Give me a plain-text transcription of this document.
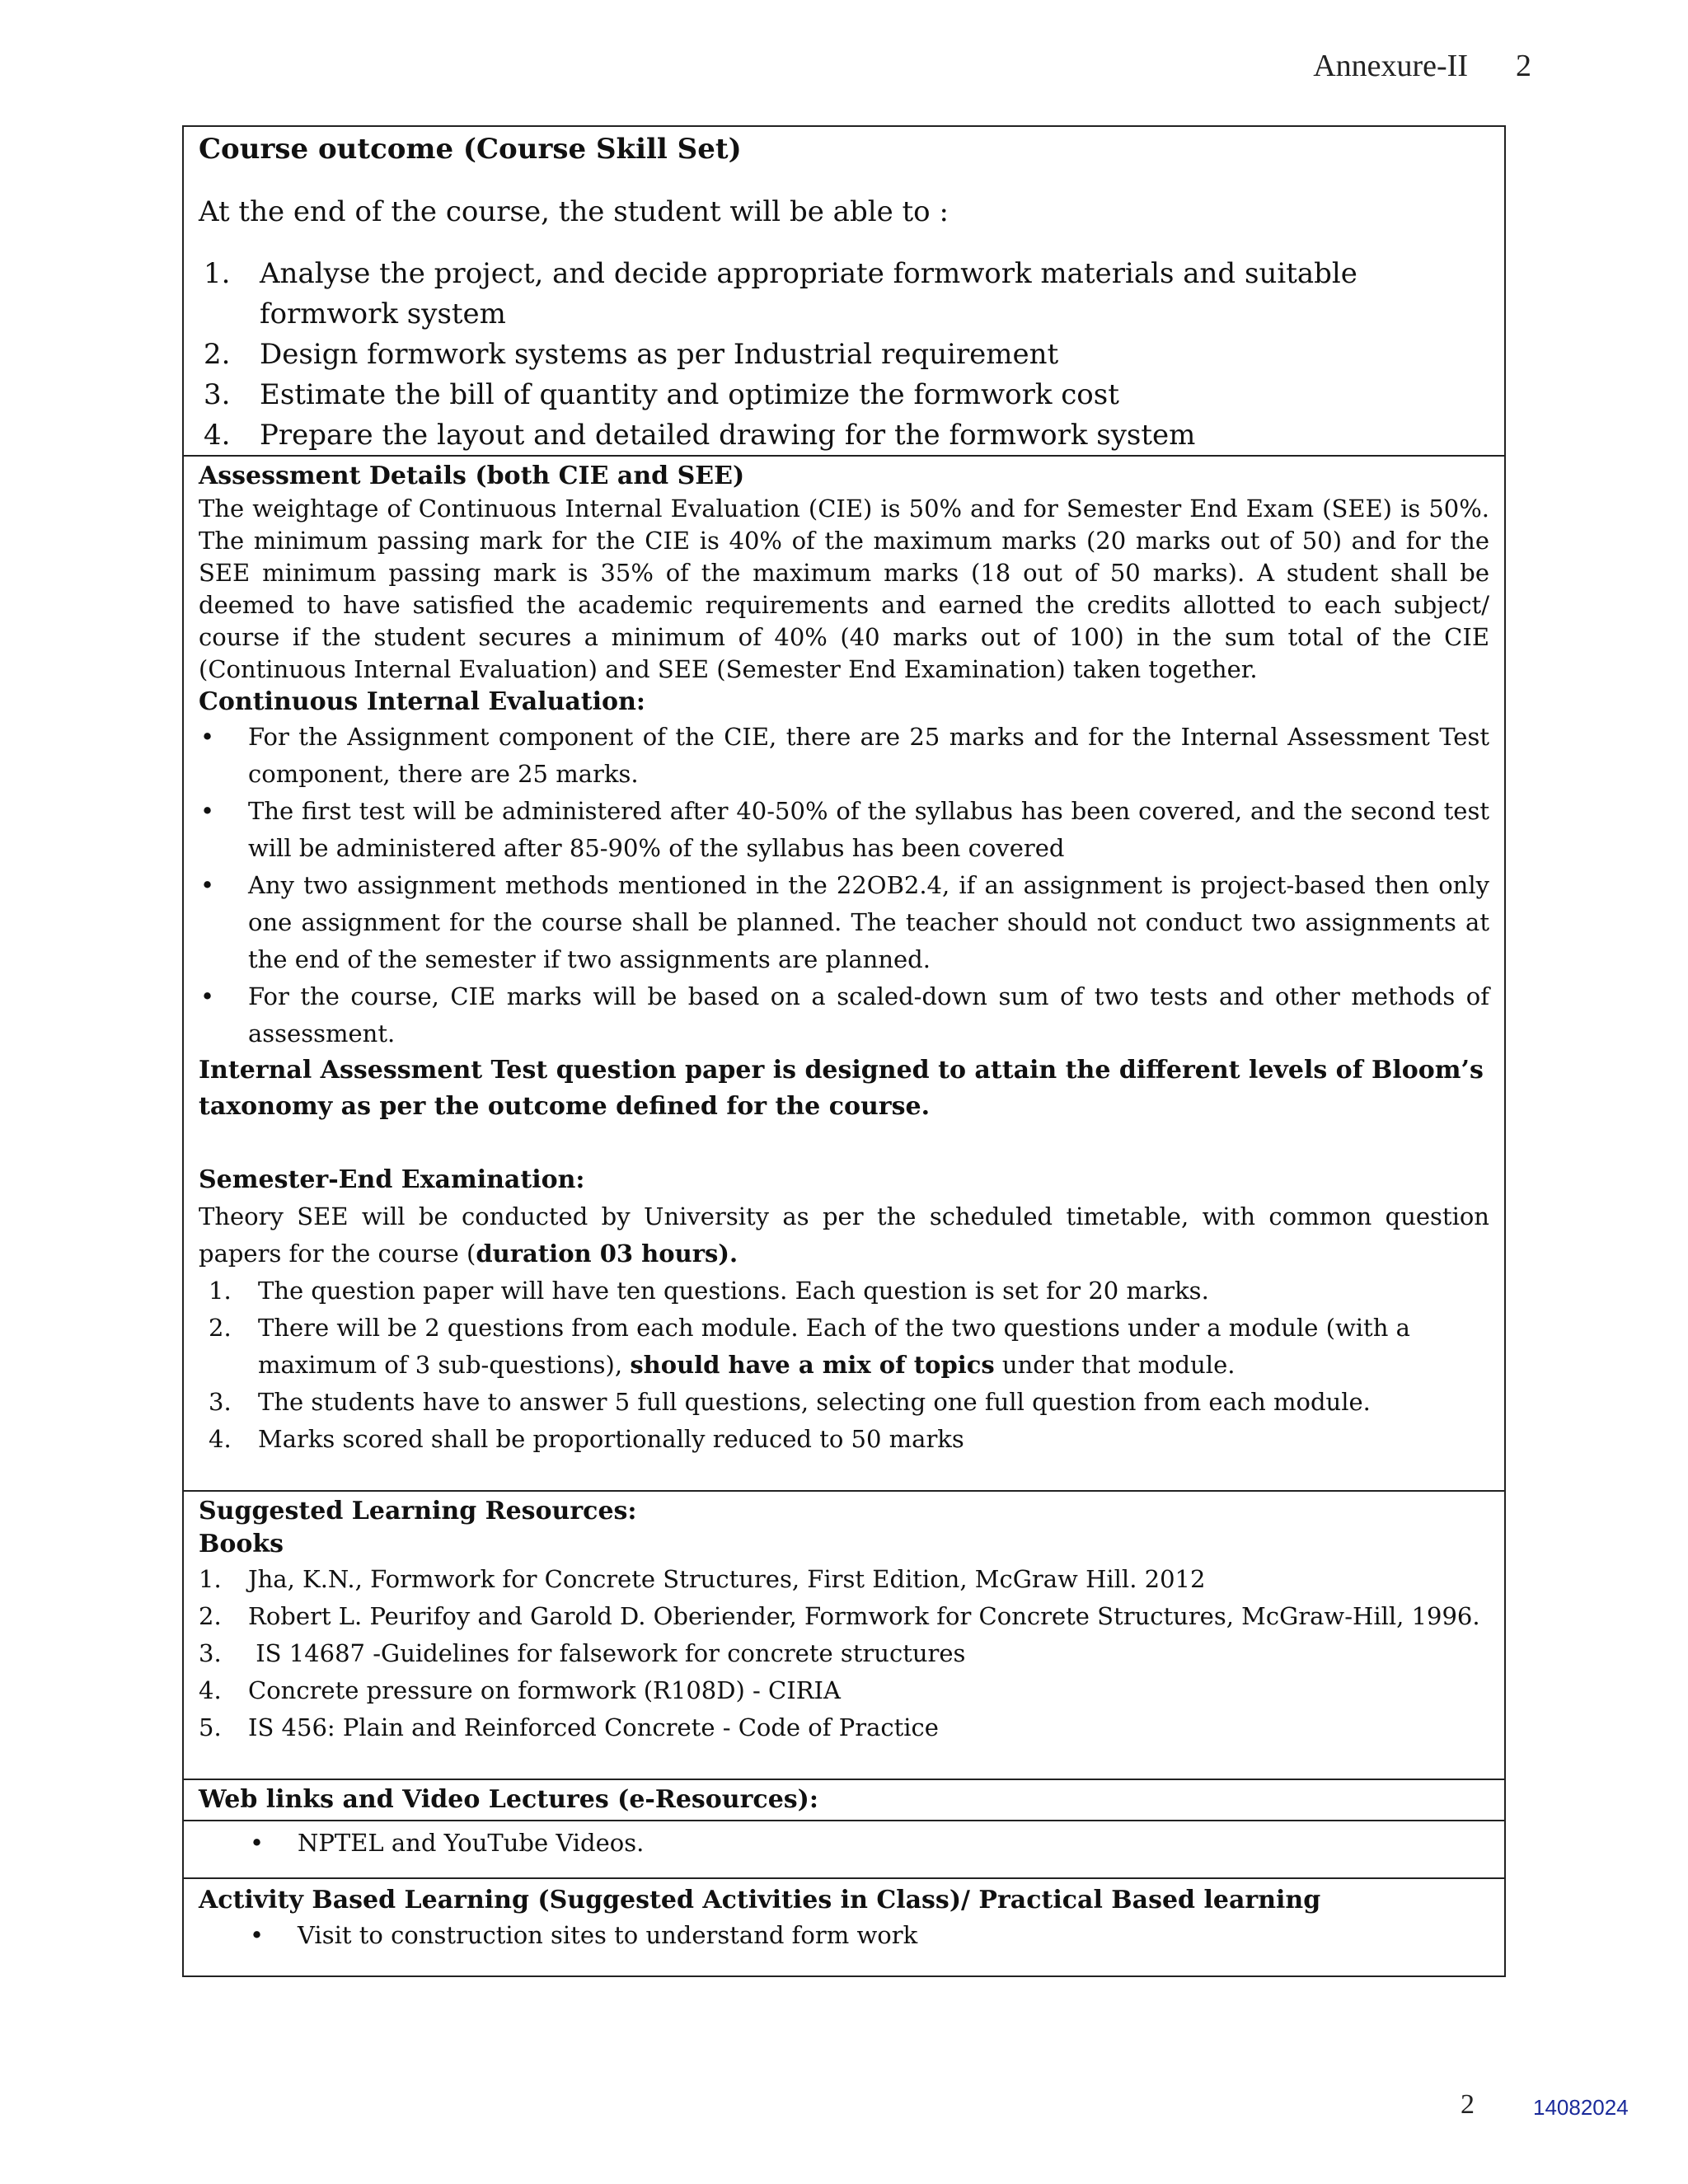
Annexure-II 2

Course outcome (Course Skill Set)

At the end of the course, the student will be able to :

1.	Analyse the project, and decide appropriate formwork materials and suitable formwork system
2.	Design formwork systems as per Industrial requirement
3.	Estimate the bill of quantity and optimize the formwork cost
4.	Prepare the layout and detailed drawing for the formwork system

Assessment Details (both CIE and SEE)

The weightage of Continuous Internal Evaluation (CIE) is 50% and for Semester End Exam (SEE) is 50%. The minimum passing mark for the CIE is 40% of the maximum marks (20 marks out of 50) and for the SEE minimum passing mark is 35% of the maximum marks (18 out of 50 marks). A student shall be deemed to have satisfied the academic requirements and earned the credits allotted to each subject/ course if the student secures a minimum of 40% (40 marks out of 100) in the sum total of the CIE (Continuous Internal Evaluation) and SEE (Semester End Examination) taken together.

Continuous Internal Evaluation:

•	For the Assignment component of the CIE, there are 25 marks and for the Internal Assessment Test component, there are 25 marks.
•	The first test will be administered after 40-50% of the syllabus has been covered, and the second test will be administered after 85-90% of the syllabus has been covered
•	Any two assignment methods mentioned in the 22OB2.4, if an assignment is project-based then only one assignment for the course shall be planned. The teacher should not conduct two assignments at the end of the semester if two assignments are planned.
•	For the course, CIE marks will be based on a scaled-down sum of two tests and other methods of assessment.

Internal Assessment Test question paper is designed to attain the different levels of Bloom’s taxonomy as per the outcome defined for the course.

Semester-End Examination:

Theory SEE will be conducted by University as per the scheduled timetable, with common question papers for the course (duration 03 hours).

1.	The question paper will have ten questions. Each question is set for 20 marks.
2.	There will be 2 questions from each module. Each of the two questions under a module (with a maximum of 3 sub-questions), should have a mix of topics under that module.
3.	The students have to answer 5 full questions, selecting one full question from each module.
4.	Marks scored shall be proportionally reduced to 50 marks

Suggested Learning Resources:

Books

1.	Jha, K.N., Formwork for Concrete Structures, First Edition, McGraw Hill. 2012
2.	Robert L. Peurifoy and Garold D. Oberiender, Formwork for Concrete Structures, McGraw-Hill, 1996.
3.	IS 14687 -Guidelines for falsework for concrete structures
4.	Concrete pressure on formwork (R108D) - CIRIA
5.	IS 456: Plain and Reinforced Concrete - Code of Practice

Web links and Video Lectures (e-Resources):

•	NPTEL and YouTube Videos.

Activity Based Learning (Suggested Activities in Class)/ Practical Based learning

•	Visit to construction sites to understand form work
2	14082024
